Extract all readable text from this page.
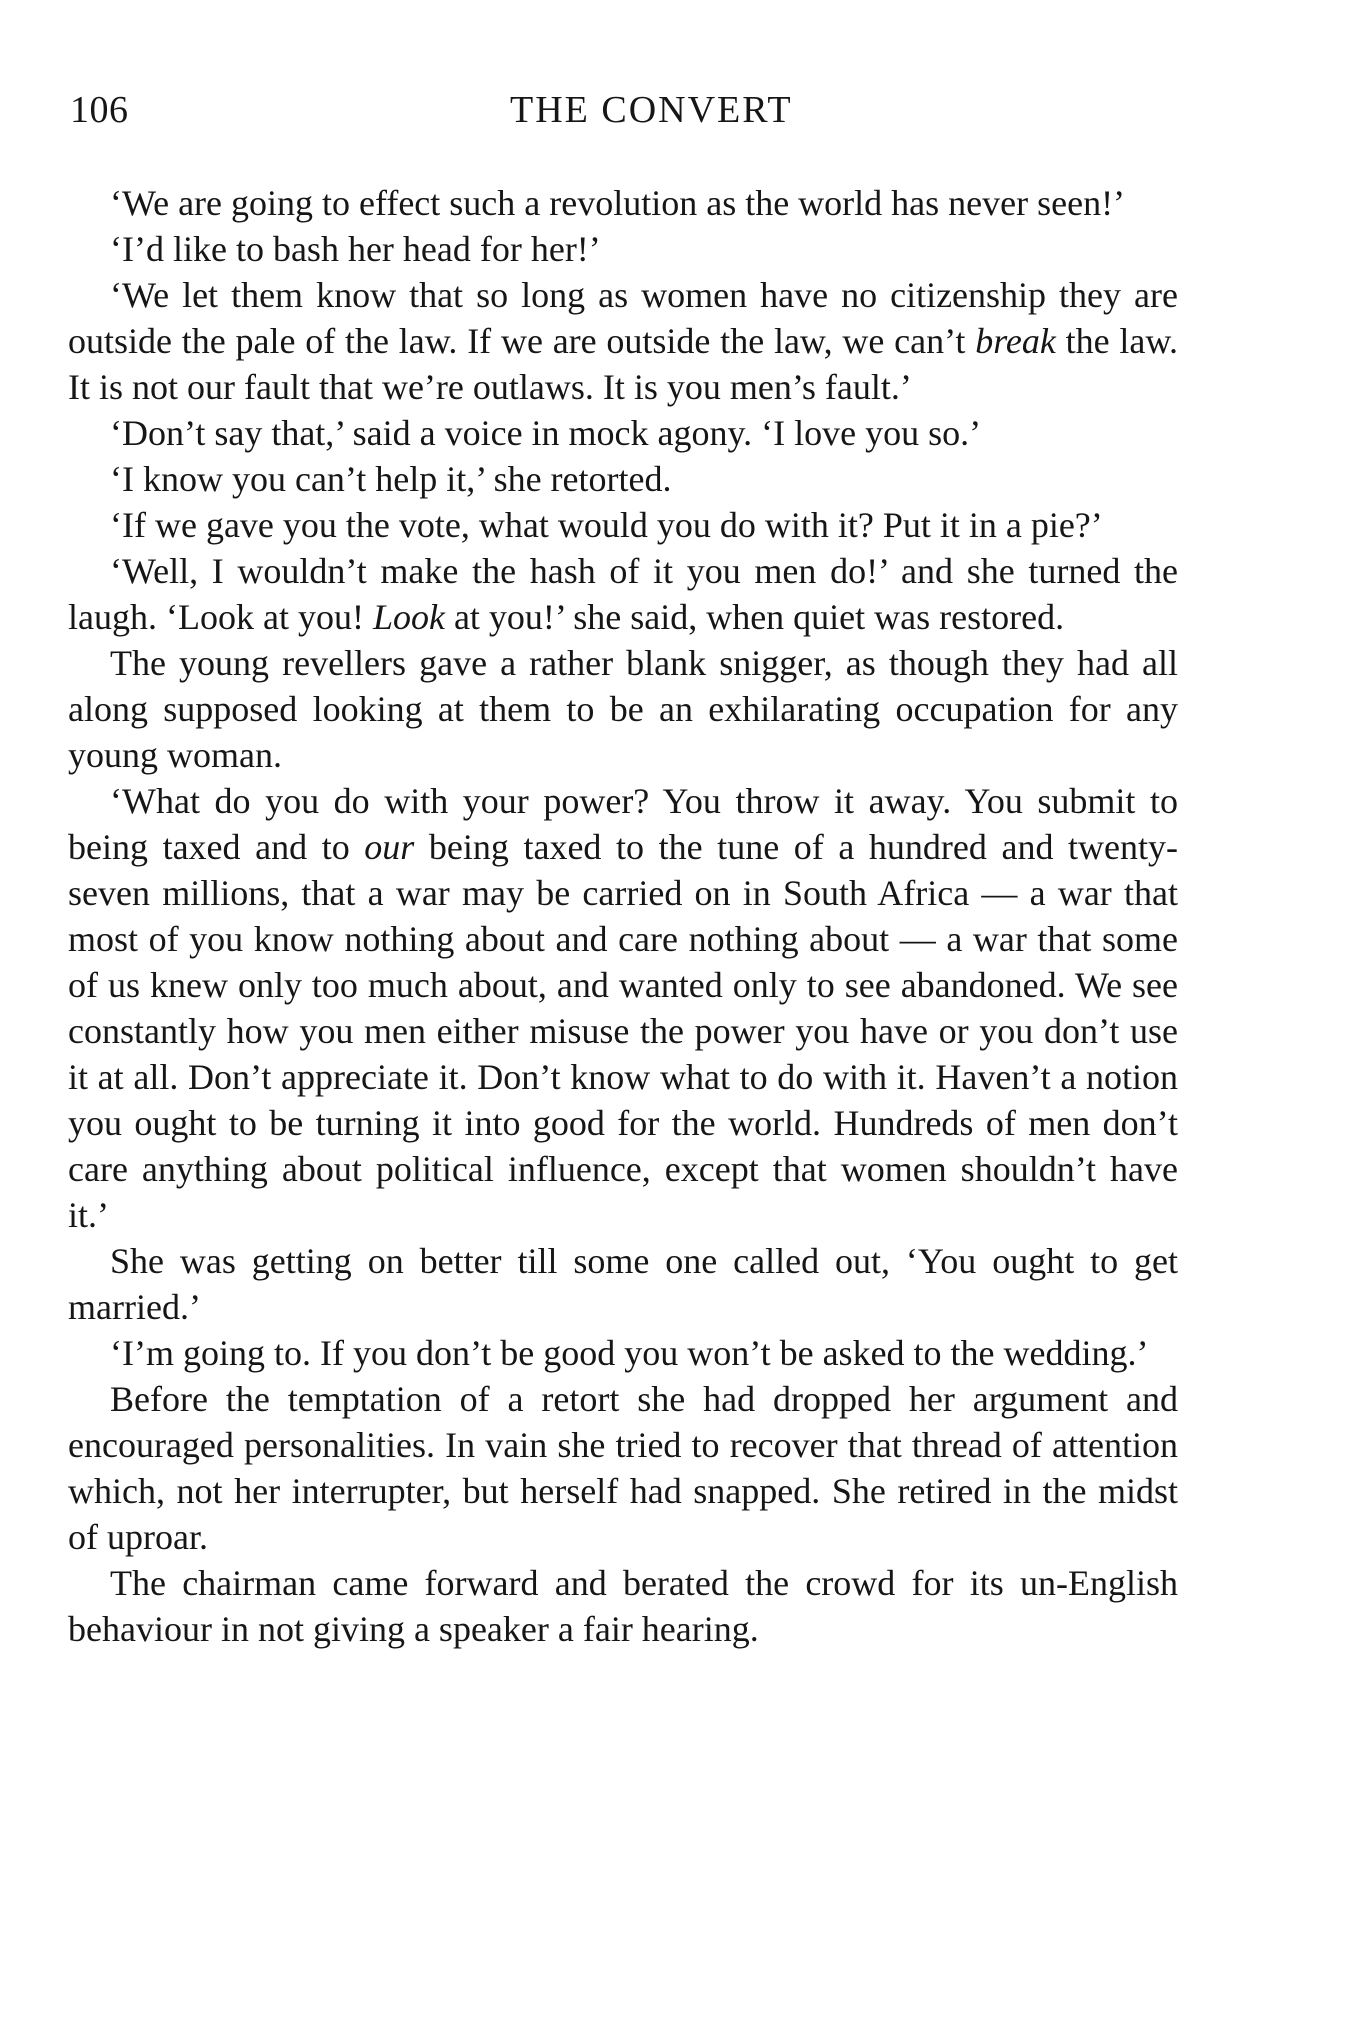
106	THE CONVERT

‘We are going to effect such a revolution as the world has never seen!’

‘I’d like to bash her head for her!’

‘We let them know that so long as women have no citizenship they are outside the pale of the law. If we are outside the law, we can’t break the law. It is not our fault that we’re outlaws. It is you men’s fault.’

‘Don’t say that,’ said a voice in mock agony. ‘I love you so.’

‘I know you can’t help it,’ she retorted.

‘If we gave you the vote, what would you do with it? Put it in a pie?’

‘Well, I wouldn’t make the hash of it you men do!’ and she turned the laugh. ‘Look at you! Look at you!’ she said, when quiet was restored.

The young revellers gave a rather blank snigger, as though they had all along supposed looking at them to be an exhilarating occupation for any young woman.

‘What do you do with your power? You throw it away. You submit to being taxed and to our being taxed to the tune of a hundred and twenty-seven millions, that a war may be carried on in South Africa — a war that most of you know nothing about and care nothing about — a war that some of us knew only too much about, and wanted only to see abandoned. We see constantly how you men either misuse the power you have or you don’t use it at all. Don’t appreciate it. Don’t know what to do with it. Haven’t a notion you ought to be turning it into good for the world. Hundreds of men don’t care anything about political influence, except that women shouldn’t have it.’

She was getting on better till some one called out, ‘You ought to get married.’

‘I’m going to. If you don’t be good you won’t be asked to the wedding.’

Before the temptation of a retort she had dropped her argument and encouraged personalities. In vain she tried to recover that thread of attention which, not her interrupter, but herself had snapped. She retired in the midst of uproar.

The chairman came forward and berated the crowd for its un-English behaviour in not giving a speaker a fair hearing.
